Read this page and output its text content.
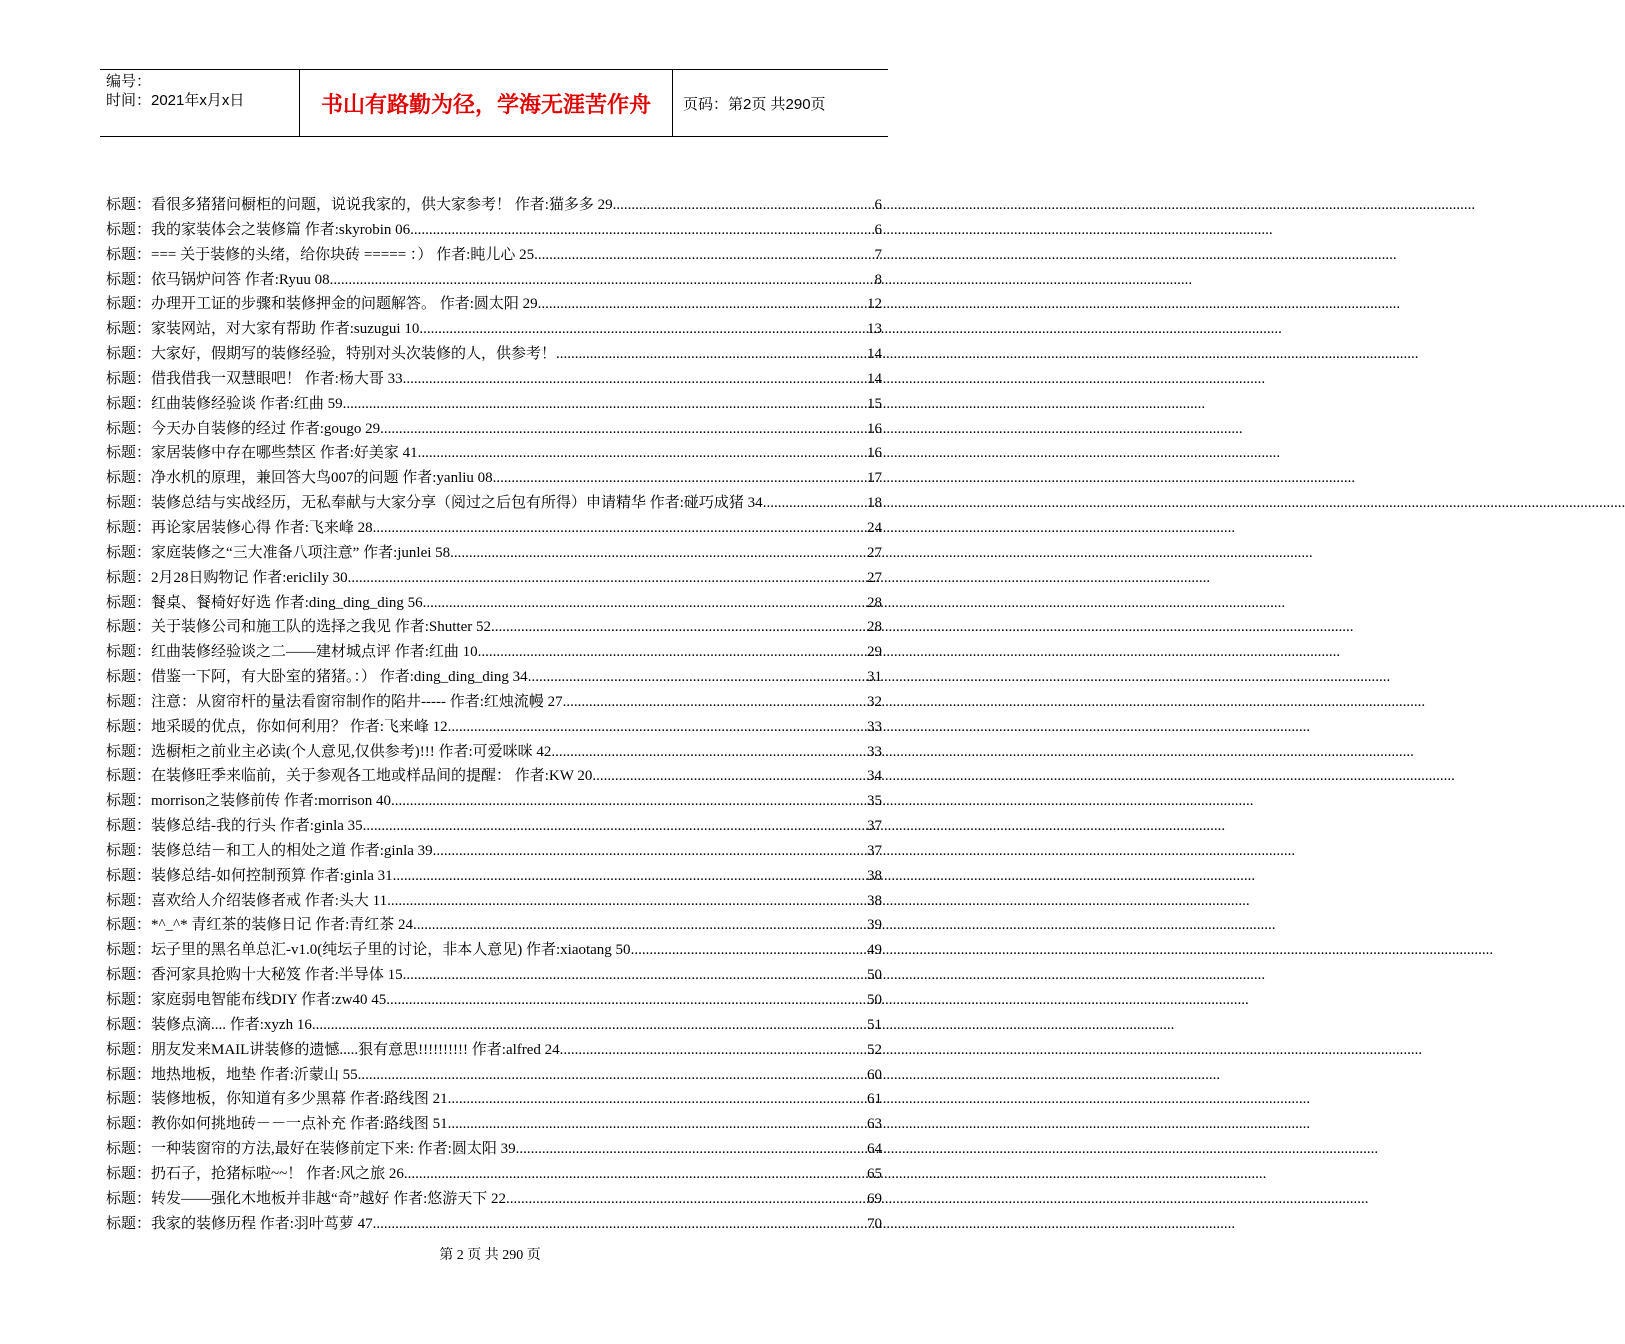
编号：
时间：2021年x月x日	书山有路勤为径，学海无涯苦作舟 页码：第2页 共290页
标题：看很多猪猪问橱柜的问题，说说我家的，供大家参考！ 作者:猫多多 29 .....	6
标题：我的家装体会之装修篇 作者:skyrobin 06 .....	6
标题：=== 关于装修的头绪，给你块砖 ===== ：） 作者:盹儿心 25 .....	7
标题：依马锅炉问答 作者:Ryuu 08 .....	8
标题：办理开工证的步骤和装修押金的问题解答。 作者:圆太阳 29 .....	12
标题：家装网站，对大家有帮助 作者:suzugui 10 .....	13
标题：大家好，假期写的装修经验，特别对头次装修的人，供参考！ .....	14
标题：借我借我一双慧眼吧！ 作者:杨大哥 33 .....	14
标题：红曲装修经验谈 作者:红曲 59 .....	15
标题：今天办自装修的经过 作者:gougo 29 .....	16
标题：家居装修中存在哪些禁区 作者:好美家 41 .....	16
标题：净水机的原理，兼回答大鸟007的问题 作者:yanliu 08 .....	17
标题：装修总结与实战经历，无私奉献与大家分享（阅过之后包有所得）申请精华 作者:碰巧成猪 34 .....	18
标题：再论家居装修心得 作者:飞来峰 28 .....	24
标题：家庭装修之“三大准备八项注意” 作者:junlei 58 .....	27
标题：2月28日购物记 作者:ericlily 30 .....	27
标题：餐桌、餐椅好好选 作者:ding_ding_ding 56 .....	28
标题：关于装修公司和施工队的选择之我见 作者:Shutter 52 .....	28
标题：红曲装修经验谈之二——建材城点评 作者:红曲 10 .....	29
标题：借鉴一下阿，有大卧室的猪猪。：） 作者:ding_ding_ding 34 .....	31
标题：注意：从窗帘杆的量法看窗帘制作的陷井----- 作者:红烛流幔 27 .....	32
标题：地采暖的优点，你如何利用？ 作者:飞来峰 12 .....	33
标题：选橱柜之前业主必读(个人意见,仅供参考)!!! 作者:可爱咪咪 42 .....	33
标题：在装修旺季来临前，关于参观各工地或样品间的提醒： 作者:KW 20 .....	34
标题：morrison之装修前传 作者:morrison 40 .....	35
标题：装修总结-我的行头 作者:ginla 35 .....	37
标题：装修总结－和工人的相处之道 作者:ginla 39 .....	37
标题：装修总结-如何控制预算 作者:ginla 31 .....	38
标题：喜欢给人介绍装修者戒 作者:头大 11 .....	38
标题：*^_^* 青红茶的装修日记 作者:青红茶 24 .....	39
标题：坛子里的黑名单总汇-v1.0(纯坛子里的讨论，非本人意见) 作者:xiaotang 50 .....	49
标题：香河家具抢购十大秘笈 作者:半导体 15 .....	50
标题：家庭弱电智能布线DIY 作者:zw40 45 .....	50
标题：装修点滴.... 作者:xyzh 16 .....	51
标题：朋友发来MAIL讲装修的遗憾.....狠有意思!!!!!!!!!! 作者:alfred 24 .....	52
标题：地热地板，地垫 作者:沂蒙山 55 .....	60
标题：装修地板，你知道有多少黑幕 作者:路线图 21 .....	61
标题：教你如何挑地砖－－一点补充 作者:路线图 51 .....	63
标题：一种装窗帘的方法,最好在装修前定下来: 作者:圆太阳 39 .....	64
标题：扔石子，抢猪标啦~~！ 作者:风之旅 26 .....	65
标题：转发——强化木地板并非越“奇”越好 作者:悠游天下 22 .....	69
标题：我家的装修历程 作者:羽叶茑萝 47 .....	70
第 2 页 共 290 页
